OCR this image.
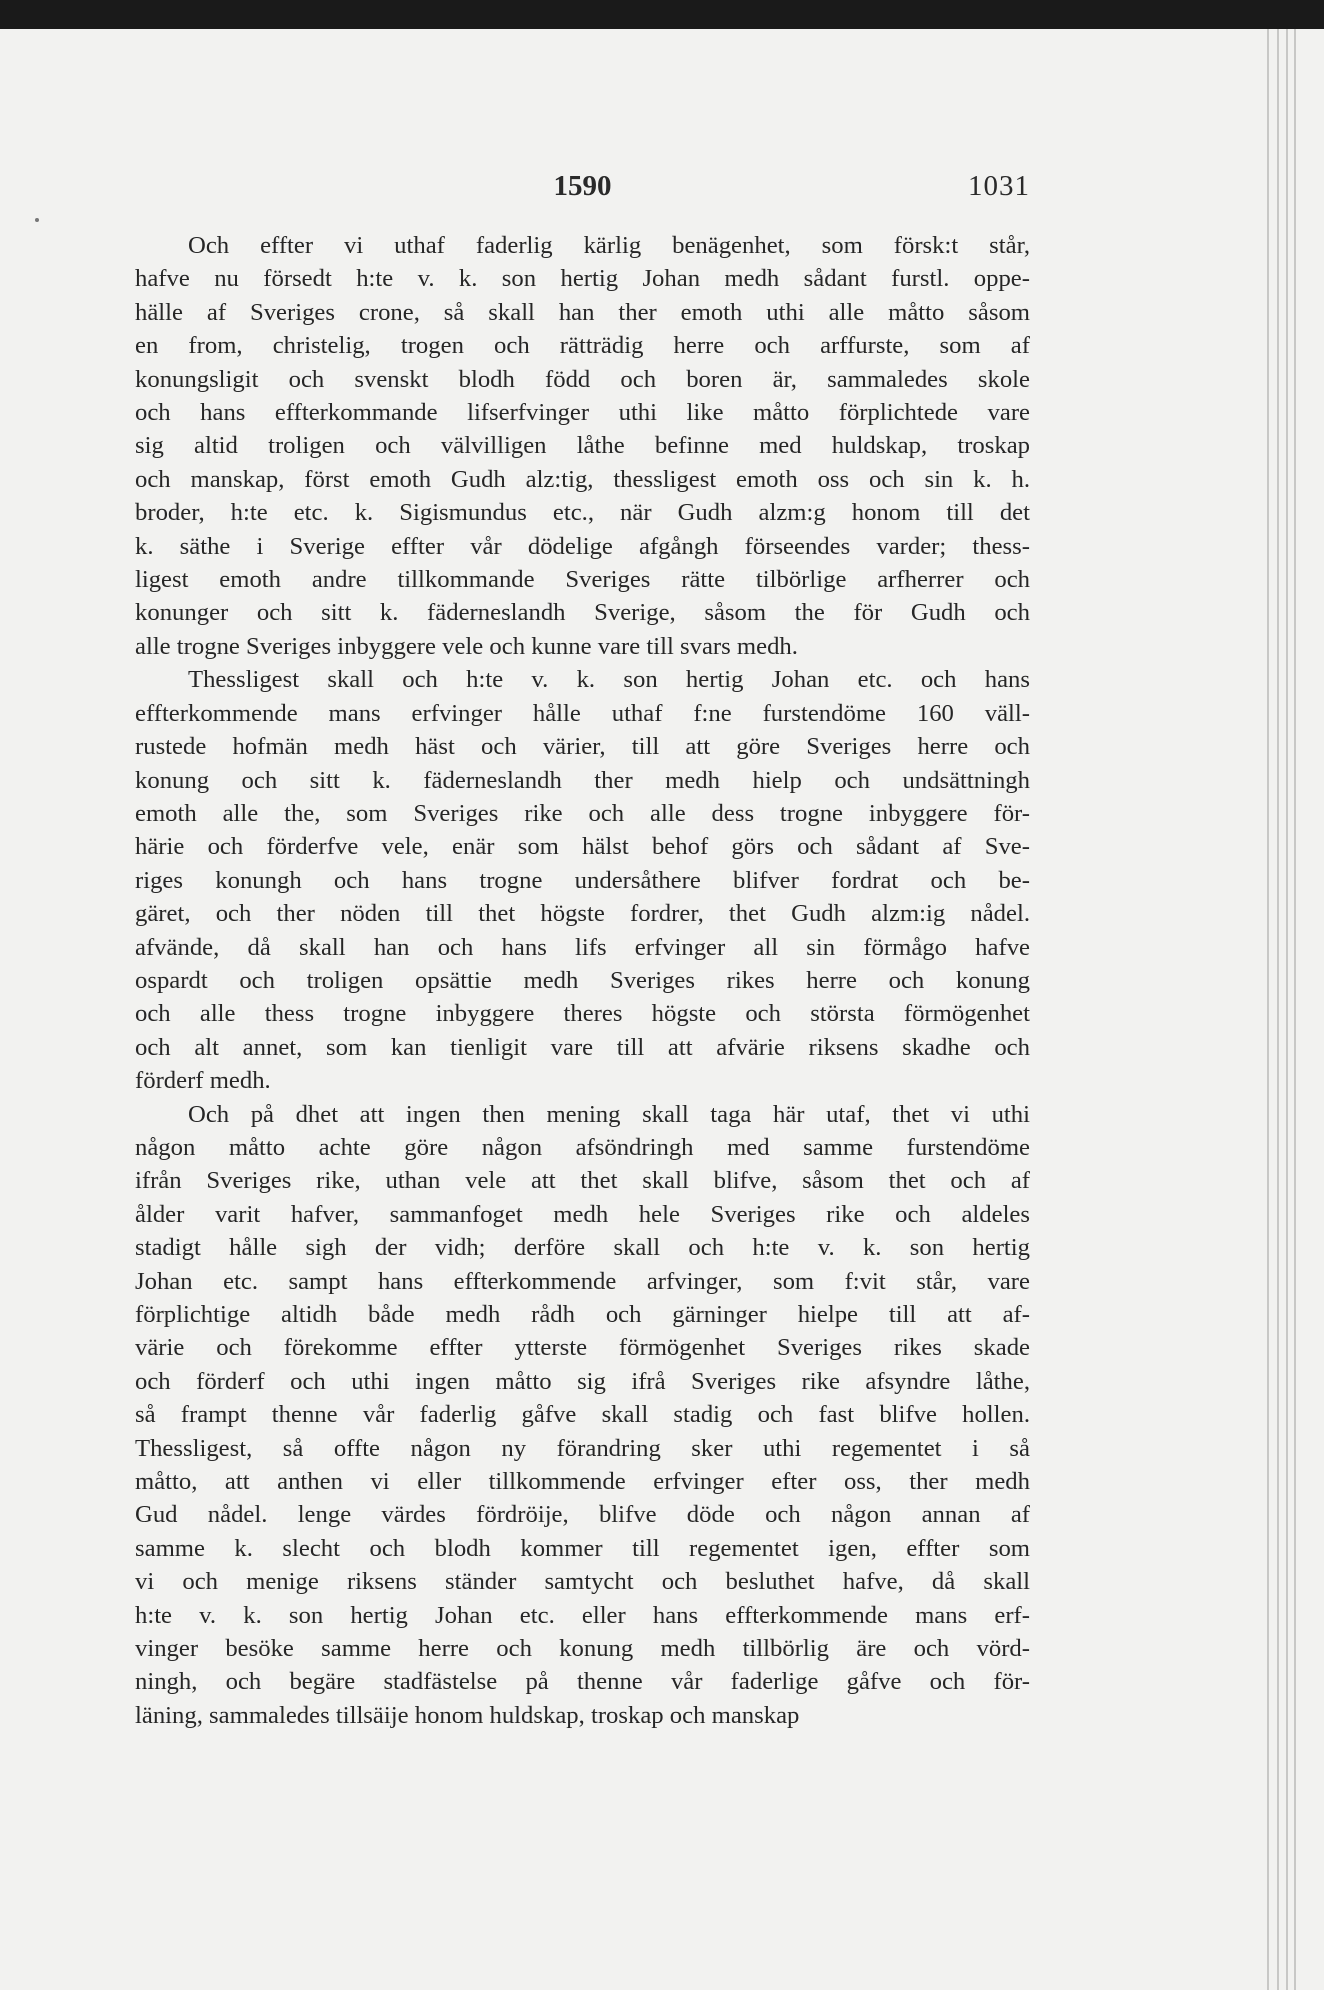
1590	1031
Och effter vi uthaf faderlig kärlig benägenhet, som försk:t står,
hafve nu försedt h:te v. k. son hertig Johan medh sådant furstl. oppe-
hälle af Sveriges crone, så skall han ther emoth uthi alle måtto såsom
en from, christelig, trogen och rätträdig herre och arffurste, som af
konungsligit och svenskt blodh född och boren är, sammaledes skole
och hans effterkommande lifserfvinger uthi like måtto förplichtede vare
sig altid troligen och välvilligen låthe befinne med huldskap, troskap
och manskap, först emoth Gudh alz:tig, thessligest emoth oss och sin k. h.
broder, h:te etc. k. Sigismundus etc., när Gudh alzm:g honom till det
k. säthe i Sverige effter vår dödelige afgångh förseendes varder; thess-
ligest emoth andre tillkommande Sveriges rätte tilbörlige arfherrer och
konunger och sitt k. fäderneslandh Sverige, såsom the för Gudh och
alle trogne Sveriges inbyggere vele och kunne vare till svars medh.
Thessligest skall och h:te v. k. son hertig Johan etc. och hans
effterkommende mans erfvinger hålle uthaf f:ne furstendöme 160 väll-
rustede hofmän medh häst och värier, till att göre Sveriges herre och
konung och sitt k. fäderneslandh ther medh hielp och undsättningh
emoth alle the, som Sveriges rike och alle dess trogne inbyggere för-
härie och förderfve vele, enär som hälst behof görs och sådant af Sve-
riges konungh och hans trogne undersåthere blifver fordrat och be-
gäret, och ther nöden till thet högste fordrer, thet Gudh alzm:ig nådel.
afvände, då skall han och hans lifs erfvinger all sin förmågo hafve
ospardt och troligen opsättie medh Sveriges rikes herre och konung
och alle thess trogne inbyggere theres högste och största förmögenhet
och alt annet, som kan tienligit vare till att afvärie riksens skadhe och
förderf medh.
Och på dhet att ingen then mening skall taga här utaf, thet vi uthi
någon måtto achte göre någon afsöndringh med samme furstendöme
ifrån Sveriges rike, uthan vele att thet skall blifve, såsom thet och af
ålder varit hafver, sammanfoget medh hele Sveriges rike och aldeles
stadigt hålle sigh der vidh; derföre skall och h:te v. k. son hertig
Johan etc. sampt hans effterkommende arfvinger, som f:vit står, vare
förplichtige altidh både medh rådh och gärninger hielpe till att af-
värie och förekomme effter ytterste förmögenhet Sveriges rikes skade
och förderf och uthi ingen måtto sig ifrå Sveriges rike afsyndre låthe,
så frampt thenne vår faderlig gåfve skall stadig och fast blifve hollen.
Thessligest, så offte någon ny förandring sker uthi regementet i så
måtto, att anthen vi eller tillkommende erfvinger efter oss, ther medh
Gud nådel. lenge värdes fördröije, blifve döde och någon annan af
samme k. slecht och blodh kommer till regementet igen, effter som
vi och menige riksens ständer samtycht och besluthet hafve, då skall
h:te v. k. son hertig Johan etc. eller hans effterkommende mans erf-
vinger besöke samme herre och konung medh tillbörlig äre och vörd-
ningh, och begäre stadfästelse på thenne vår faderlige gåfve och för-
läning, sammaledes tillsäije honom huldskap, troskap och manskap
